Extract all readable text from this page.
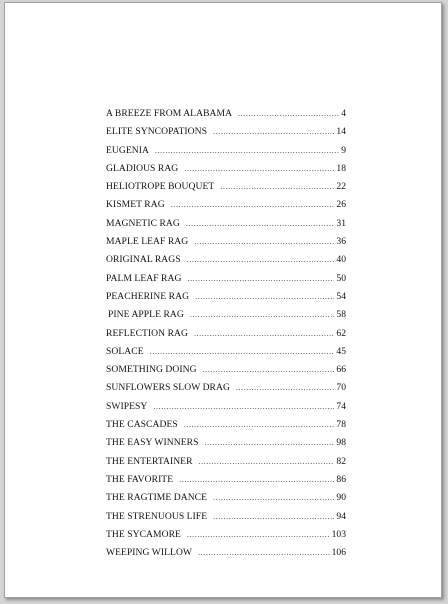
A BREEZE FROM ALABAMA .....	4
ELITE SYNCOPATIONS .....	14
EUGENIA .....	9
GLADIOUS RAG .....	18
HELIOTROPE BOUQUET .....	22
KISMET RAG .....	26
MAGNETIC RAG .....	31
MAPLE LEAF RAG .....	36
ORIGINAL RAGS .....	40
PALM LEAF RAG .....	50
PEACHERINE RAG .....	54
PINE APPLE RAG .....	58
REFLECTION RAG .....	62
SOLACE .....	45
SOMETHING DOING .....	66
SUNFLOWERS SLOW DRAG .....	70
SWIPESY .....	74
THE CASCADES .....	78
THE EASY WINNERS .....	98
THE ENTERTAINER .....	82
THE FAVORITE .....	86
THE RAGTIME DANCE .....	90
THE STRENUOUS LIFE .....	94
THE SYCAMORE .....	103
WEEPING WILLOW .....	106
